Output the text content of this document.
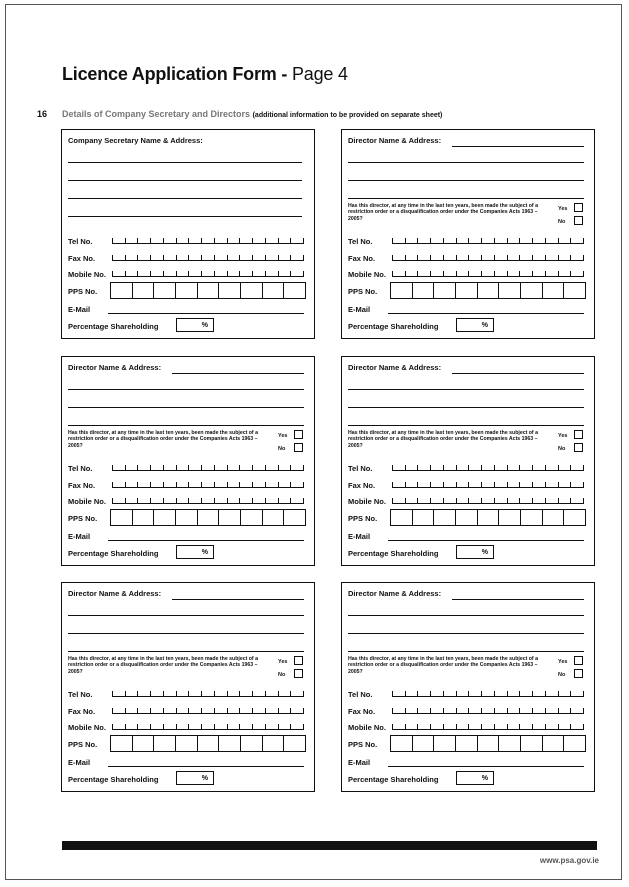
Licence Application Form - Page 4
16 Details of Company Secretary and Directors (additional information to be provided on separate sheet)
Company Secretary Name & Address:
Tel No.
Fax No.
Mobile No.
PPS No.
E-Mail
Percentage Shareholding	%
Director Name & Address:
Has this director, at any time in the last ten years, been made the subject of a restriction order or a disqualification order under the Companies Acts 1963 – 2005?
Yes
No
Tel No.
Fax No.
Mobile No.
PPS No.
E-Mail
Percentage Shareholding	%
Director Name & Address:
Has this director, at any time in the last ten years, been made the subject of a restriction order or a disqualification order under the Companies Acts 1963 – 2005?
Yes
No
Tel No.
Fax No.
Mobile No.
PPS No.
E-Mail
Percentage Shareholding	%
Director Name & Address:
Has this director, at any time in the last ten years, been made the subject of a restriction order or a disqualification order under the Companies Acts 1963 – 2005?
Yes
No
Tel No.
Fax No.
Mobile No.
PPS No.
E-Mail
Percentage Shareholding	%
Director Name & Address:
Has this director, at any time in the last ten years, been made the subject of a restriction order or a disqualification order under the Companies Acts 1963 – 2005?
Yes
No
Tel No.
Fax No.
Mobile No.
PPS No.
E-Mail
Percentage Shareholding	%
Director Name & Address:
Has this director, at any time in the last ten years, been made the subject of a restriction order or a disqualification order under the Companies Acts 1963 – 2005?
Yes
No
Tel No.
Fax No.
Mobile No.
PPS No.
E-Mail
Percentage Shareholding	%
www.psa.gov.ie
